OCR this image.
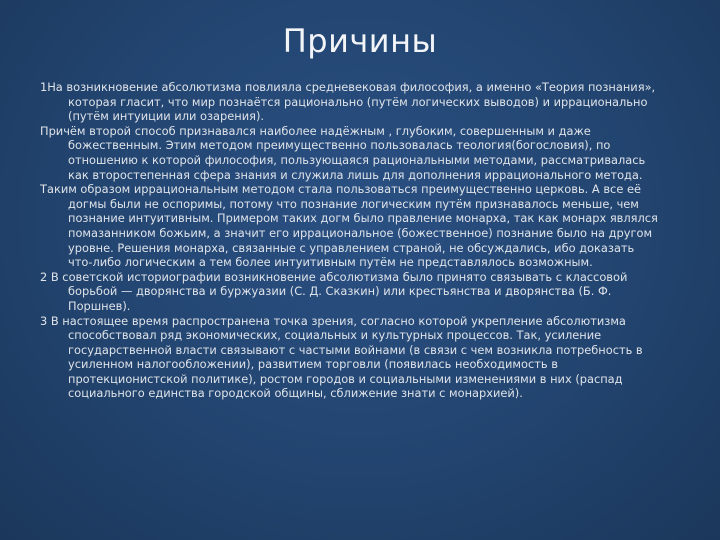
Причины

1На возникновение абсолютизма повлияла средневековая философия, а именно «Теория познания», которая гласит, что мир познаётся рационально (путём логических выводов) и иррационально (путём интуиции или озарения).

Причём второй способ признавался наиболее надёжным , глубоким, совершенным и даже божественным. Этим методом преимущественно пользовалась теология(богословия), по отношению к которой философия, пользующаяся рациональными методами, рассматривалась как второстепенная сфера знания и служила лишь для дополнения иррационального метода.

Таким образом иррациональным методом стала пользоваться преимущественно церковь. А все её догмы были не оспоримы, потому что познание логическим путём признавалось меньше, чем познание интуитивным. Примером таких догм было правление монарха, так как монарх являлся помазанником божьим, а значит его иррациональное (божественное) познание было на другом уровне. Решения монарха, связанные с управлением страной, не обсуждались, ибо доказать что-либо логическим а тем более интуитивным путём не представлялось возможным.

2 В советской историографии возникновение абсолютизма было принято связывать с классовой борьбой — дворянства и буржуазии (С. Д. Сказкин) или крестьянства и дворянства (Б. Ф. Поршнев).

3 В настоящее время распространена точка зрения, согласно которой укрепление абсолютизма способствовал ряд экономических, социальных и культурных процессов. Так, усиление государственной власти связывают с частыми войнами (в связи с чем возникла потребность в усиленном налогообложении), развитием торговли (появилась необходимость в протекционистской политике), ростом городов и социальными изменениями в них (распад социального единства городской общины, сближение знати с монархией).
